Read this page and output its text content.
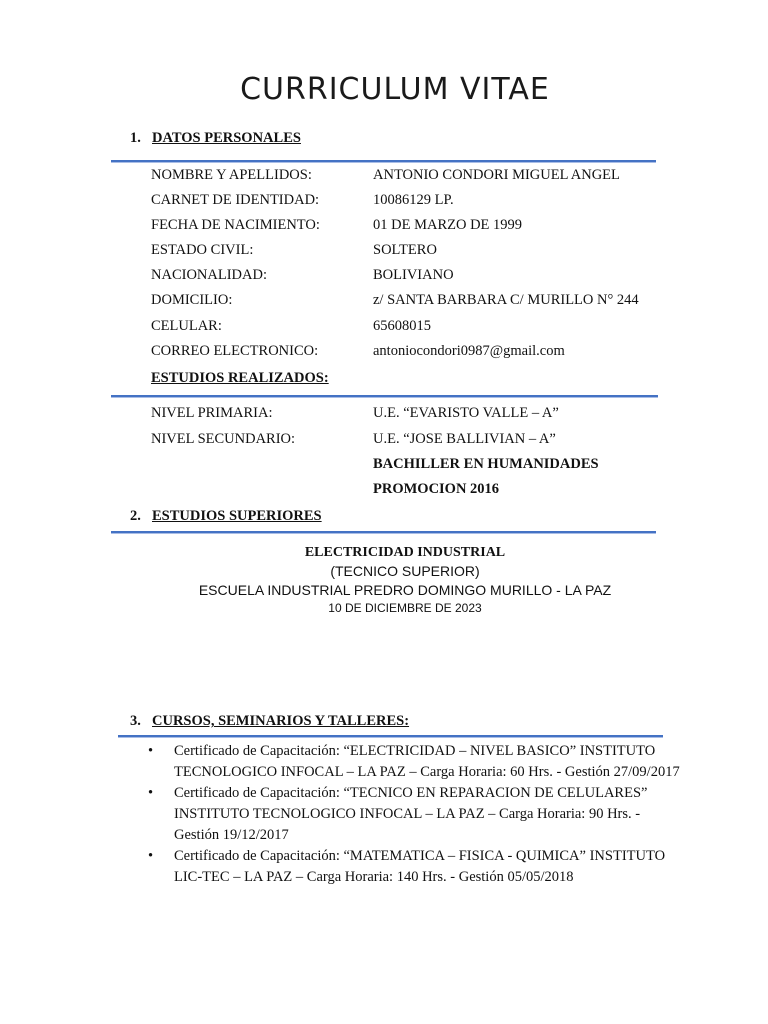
CURRICULUM VITAE
1. DATOS PERSONALES
NOMBRE Y APELLIDOS:	ANTONIO CONDORI MIGUEL ANGEL
CARNET DE IDENTIDAD:	10086129 LP.
FECHA DE NACIMIENTO:	01 DE MARZO DE 1999
ESTADO CIVIL:	SOLTERO
NACIONALIDAD:	BOLIVIANO
DOMICILIO:	z/ SANTA BARBARA C/ MURILLO N° 244
CELULAR:	65608015
CORREO ELECTRONICO:	antoniocondori0987@gmail.com
ESTUDIOS REALIZADOS:
NIVEL PRIMARIA:	U.E. “EVARISTO VALLE – A”
NIVEL SECUNDARIO:	U.E. “JOSE BALLIVIAN – A”
BACHILLER EN HUMANIDADES
PROMOCION 2016
2. ESTUDIOS SUPERIORES
ELECTRICIDAD INDUSTRIAL
(TECNICO SUPERIOR)
ESCUELA INDUSTRIAL PREDRO DOMINGO MURILLO - LA PAZ
10 DE DICIEMBRE DE 2023
3. CURSOS, SEMINARIOS Y TALLERES:
• Certificado de Capacitación: “ELECTRICIDAD – NIVEL BASICO” INSTITUTO TECNOLOGICO INFOCAL – LA PAZ – Carga Horaria: 60 Hrs. - Gestión 27/09/2017
• Certificado de Capacitación: “TECNICO EN REPARACION DE CELULARES” INSTITUTO TECNOLOGICO INFOCAL – LA PAZ – Carga Horaria: 90 Hrs. - Gestión 19/12/2017
• Certificado de Capacitación: “MATEMATICA – FISICA - QUIMICA” INSTITUTO LIC-TEC – LA PAZ – Carga Horaria: 140 Hrs. - Gestión 05/05/2018
